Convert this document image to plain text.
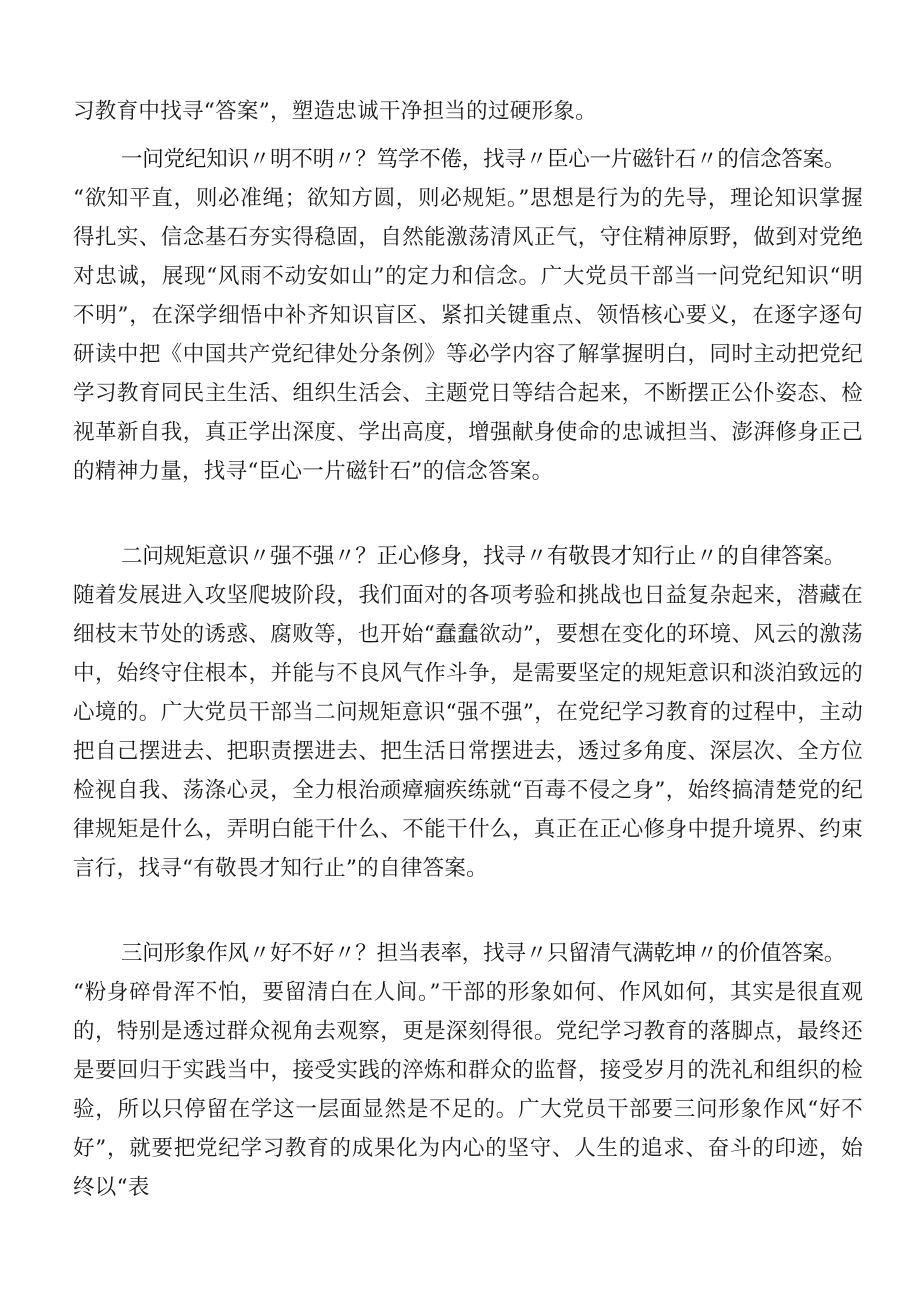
习教育中找寻“答案”，塑造忠诚干净担当的过硬形象。

一问党纪知识〃明不明〃？笃学不倦，找寻〃臣心一片磁针石〃的信念答案。

“欲知平直，则必准绳；欲知方圆，则必规矩。”思想是行为的先导，理论知识掌握得扎实、信念基石夯实得稳固，自然能激荡清风正气，守住精神原野，做到对党绝对忠诚，展现“风雨不动安如山”的定力和信念。广大党员干部当一问党纪知识“明不明”，在深学细悟中补齐知识盲区、紧扣关键重点、领悟核心要义，在逐字逐句研读中把《中国共产党纪律处分条例》等必学内容了解掌握明白，同时主动把党纪学习教育同民主生活、组织生活会、主题党日等结合起来，不断摆正公仆姿态、检视革新自我，真正学出深度、学出高度，增强献身使命的忠诚担当、澎湃修身正己的精神力量，找寻“臣心一片磁针石”的信念答案。

二问规矩意识〃强不强〃？正心修身，找寻〃有敬畏才知行止〃的自律答案。

随着发展进入攻坚爬坡阶段，我们面对的各项考验和挑战也日益复杂起来，潜藏在细枝末节处的诱惑、腐败等，也开始“蠢蠢欲动”，要想在变化的环境、风云的激荡中，始终守住根本，并能与不良风气作斗争，是需要坚定的规矩意识和淡泊致远的心境的。广大党员干部当二问规矩意识“强不强”，在党纪学习教育的过程中，主动把自己摆进去、把职责摆进去、把生活日常摆进去，透过多角度、深层次、全方位检视自我、荡涤心灵，全力根治顽瘴痼疾练就“百毒不侵之身”，始终搞清楚党的纪律规矩是什么，弄明白能干什么、不能干什么，真正在正心修身中提升境界、约束言行，找寻“有敬畏才知行止”的自律答案。

三问形象作风〃好不好〃？担当表率，找寻〃只留清气满乾坤〃的价值答案。

“粉身碎骨浑不怕，要留清白在人间。”干部的形象如何、作风如何，其实是很直观的，特别是透过群众视角去观察，更是深刻得很。党纪学习教育的落脚点，最终还是要回归于实践当中，接受实践的淬炼和群众的监督，接受岁月的洗礼和组织的检验，所以只停留在学这一层面显然是不足的。广大党员干部要三问形象作风“好不好”，就要把党纪学习教育的成果化为内心的坚守、人生的追求、奋斗的印迹，始终以“表
